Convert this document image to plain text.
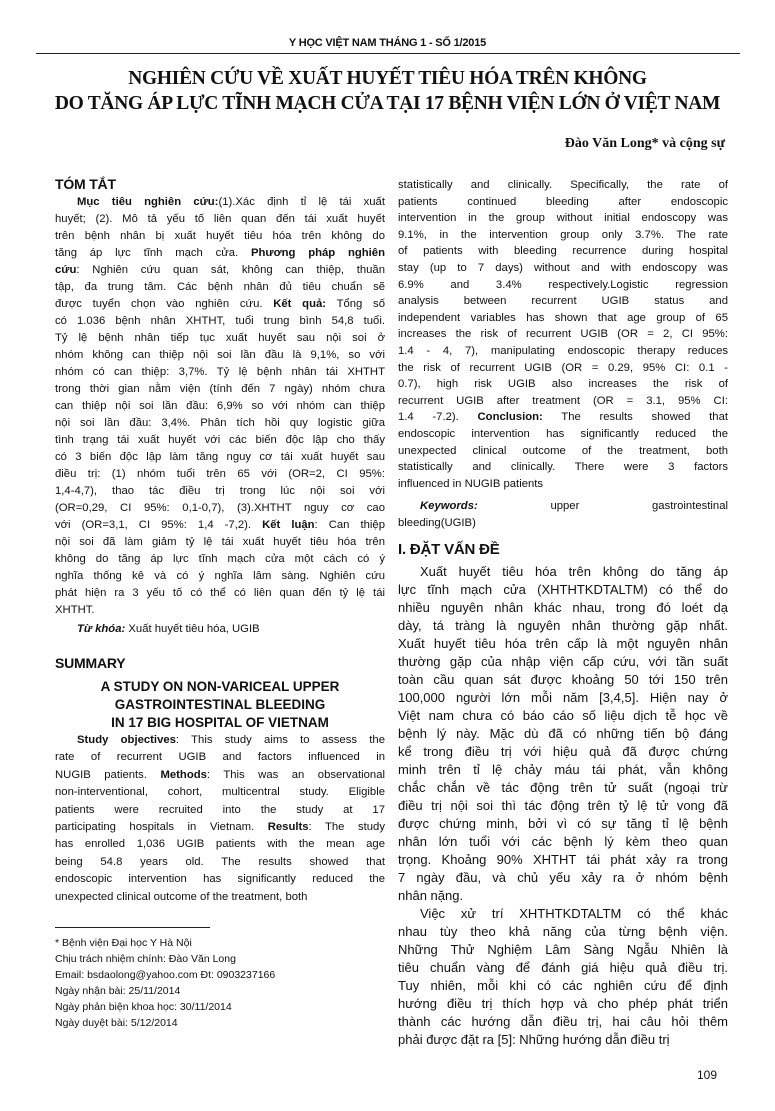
Y HỌC VIỆT NAM THÁNG 1 - SỐ 1/2015
NGHIÊN CỨU VỀ XUẤT HUYẾT TIÊU HÓA TRÊN KHÔNG
DO TĂNG ÁP LỰC TĨNH MẠCH CỬA TẠI 17 BỆNH VIỆN LỚN Ở VIỆT NAM
Đào Văn Long* và cộng sự
TÓM TẮT
Mục tiêu nghiên cứu:(1).Xác định tỉ lệ tái xuất
huyết; (2). Mô tả yếu tố liên quan đến tái xuất huyết
trên bệnh nhân bị xuất huyết tiêu hóa trên không do
tăng áp lực tĩnh mạch cửa. Phương pháp nghiên
cứu: Nghiên cứu quan sát, không can thiệp, thuần
tập, đa trung tâm. Các bệnh nhân đủ tiêu chuẩn sẽ
được tuyển chọn vào nghiên cứu. Kết quả: Tổng số
có 1.036 bệnh nhân XHTHT, tuổi trung bình 54,8 tuổi.
Tỷ lệ bệnh nhân tiếp tục xuất huyết sau nội soi ở
nhóm không can thiệp nội soi lần đầu là 9,1%, so với
nhóm có can thiệp: 3,7%. Tỷ lệ bệnh nhân tái XHTHT
trong thời gian nằm viện (tính đến 7 ngày) nhóm chưa
can thiệp nội soi lần đầu: 6,9% so với nhóm can thiệp
nội soi lần đầu: 3,4%. Phân tích hồi quy logistic giữa
tình trạng tái xuất huyết với các biến độc lập cho thấy
có 3 biến độc lập làm tăng nguy cơ tái xuất huyết sau
điều trị: (1) nhóm tuổi trên 65 với (OR=2, CI 95%:
1,4-4,7), thao tác điều trị trong lúc nội soi với
(OR=0,29, CI 95%: 0,1-0,7), (3).XHTHT nguy cơ cao
với (OR=3,1, CI 95%: 1,4 -7,2). Kết luận: Can thiệp
nội soi đã làm giảm tỷ lệ tái xuất huyết tiêu hóa trên
không do tăng áp lực tĩnh mạch cửa một cách có ý
nghĩa thống kê và có ý nghĩa lâm sàng. Nghiên cứu
phát hiện ra 3 yếu tố có thể có liên quan đến tỷ lệ tái
XHTHT.
Từ khóa: Xuất huyết tiêu hóa, UGIB
SUMMARY
A STUDY ON NON-VARICEAL UPPER
GASTROINTESTINAL BLEEDING
IN 17 BIG HOSPITAL OF VIETNAM
Study objectives: This study aims to assess the
rate of recurrent UGIB and factors influenced in
NUGIB patients. Methods: This was an observational
non-interventional, cohort, multicentral study. Eligible
patients were recruited into the study at 17
participating hospitals in Vietnam. Results: The study
has enrolled 1,036 UGIB patients with the mean age
being 54.8 years old. The results showed that
endoscopic intervention has significantly reduced the
unexpected clinical outcome of the treatment, both
* Bệnh viện Đại học Y Hà Nội
Chịu trách nhiệm chính: Đào Văn Long
Email: bsdaolong@yahoo.com Đt: 0903237166
Ngày nhận bài: 25/11/2014
Ngày phản biện khoa học: 30/11/2014
Ngày duyệt bài: 5/12/2014
statistically and clinically. Specifically, the rate of
patients continued bleeding after endoscopic
intervention in the group without initial endoscopy was
9.1%, in the intervention group only 3.7%. The rate
of patients with bleeding recurrence during hospital
stay (up to 7 days) without and with endoscopy was
6.9% and 3.4% respectively.Logistic regression
analysis between recurrent UGIB status and
independent variables has shown that age group of 65
increases the risk of recurrent UGIB (OR = 2, CI 95%:
1.4 - 4, 7), manipulating endoscopic therapy reduces
the risk of recurrent UGIB (OR = 0.29, 95% CI: 0.1 -
0.7), high risk UGIB also increases the risk of
recurrent UGIB after treatment (OR = 3.1, 95% CI:
1.4 -7.2). Conclusion: The results showed that
endoscopic intervention has significantly reduced the
unexpected clinical outcome of the treatment, both
statistically and clinically. There were 3 factors
influenced in NUGIB patients
Keywords: upper gastrointestinal
bleeding(UGIB)
I. ĐẶT VẤN ĐỀ
Xuất huyết tiêu hóa trên không do tăng áp
lực tĩnh mạch cửa (XHTHTKDTALTM) có thể do
nhiều nguyên nhân khác nhau, trong đó loét dạ
dày, tá tràng là nguyên nhân thường gặp nhất.
Xuất huyết tiêu hóa trên cấp là một nguyên nhân
thường gặp của nhập viện cấp cứu, với tần suất
toàn cầu quan sát được khoảng 50 tới 150 trên
100,000 người lớn mỗi năm [3,4,5]. Hiện nay ở
Việt nam chưa có báo cáo số liệu dịch tễ học về
bệnh lý này. Mặc dù đã có những tiến bộ đáng
kể trong điều trị với hiệu quả đã được chứng
minh trên tỉ lệ chảy máu tái phát, vẫn không
chắc chắn về tác động trên tử suất (ngoại trừ
điều trị nội soi thì tác động trên tỷ lệ tử vong đã
được chứng minh, bởi vì có sự tăng tỉ lệ bệnh
nhân lớn tuổi với các bệnh lý kèm theo quan
trọng. Khoảng 90% XHTHT tái phát xảy ra trong
7 ngày đầu, và chủ yếu xảy ra ở nhóm bệnh
nhân nặng.
Việc xử trí XHTHTKDTALTM có thể khác
nhau tùy theo khả năng của từng bệnh viện.
Những Thử Nghiệm Lâm Sàng Ngẫu Nhiên là
tiêu chuẩn vàng để đánh giá hiệu quả điều trị.
Tuy nhiên, mỗi khi có các nghiên cứu để định
hướng điều trị thích hợp và cho phép phát triển
thành các hướng dẫn điều trị, hai câu hỏi thêm
phải được đặt ra [5]: Những hướng dẫn điều trị
109
